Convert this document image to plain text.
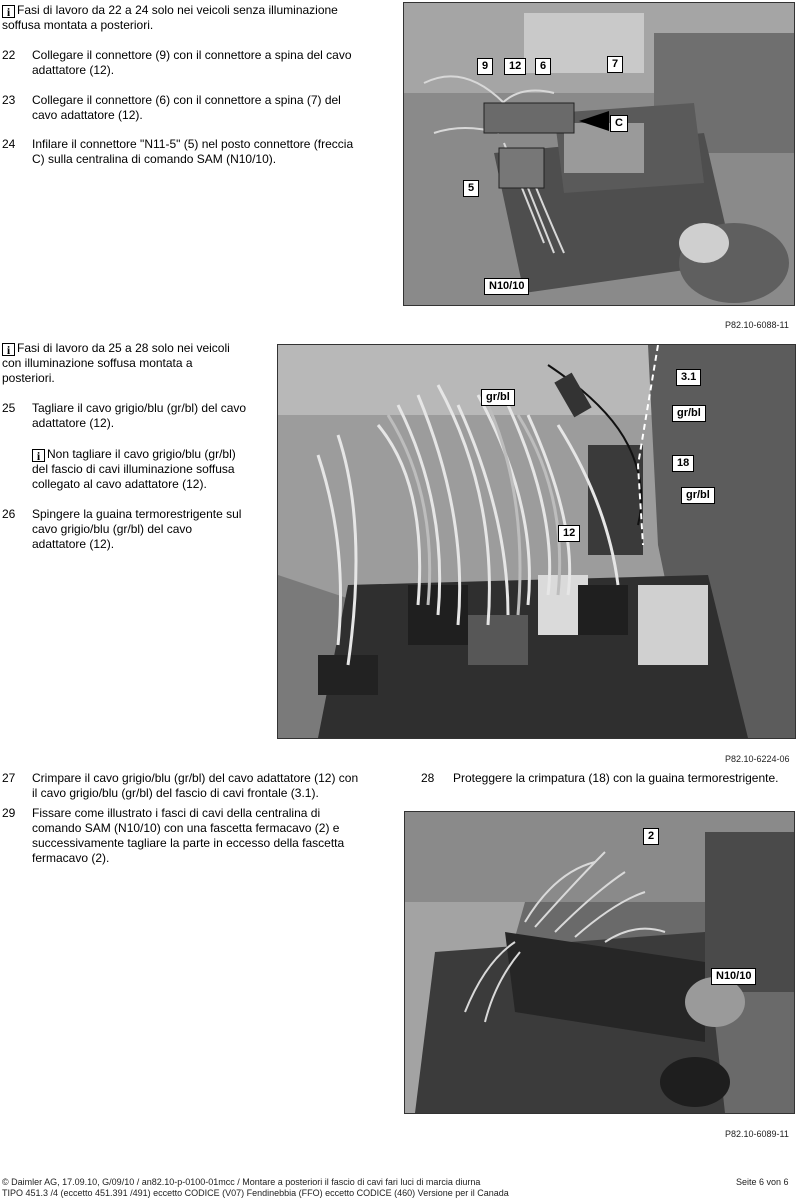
i Fasi di lavoro da 22 a 24 solo nei veicoli senza illuminazione soffusa montata a posteriori.
22	Collegare il connettore (9) con il connettore a spina del cavo adattatore (12).
23	Collegare il connettore (6) con il connettore a spina (7) del cavo adattatore (12).
24	Infilare il connettore "N11-5" (5) nel posto connettore (freccia C) sulla centralina di comando SAM (N10/10).
9	12	6	7
C
5
N10/10
P82.10-6088-11
i Fasi di lavoro da 25 a 28 solo nei veicoli con illuminazione soffusa montata a posteriori.
25	Tagliare il cavo grigio/blu (gr/bl) del cavo adattatore (12).
i Non tagliare il cavo grigio/blu (gr/bl) del fascio di cavi illuminazione soffusa collegato al cavo adattatore (12).
26	Spingere la guaina termorestrigente sul cavo grigio/blu (gr/bl) del cavo adattatore (12).
gr/bl
3.1
gr/bl
18
gr/bl
12
P82.10-6224-06
27	Crimpare il cavo grigio/blu (gr/bl) del cavo adattatore (12) con il cavo grigio/blu (gr/bl) del fascio di cavi frontale (3.1).
29	Fissare come illustrato i fasci di cavi della centralina di comando SAM (N10/10) con una fascetta fermacavo (2) e successivamente tagliare la parte in eccesso della fascetta fermacavo (2).
28	Proteggere la crimpatura (18) con la guaina termorestrigente.
2
N10/10
P82.10-6089-11
© Daimler AG, 17.09.10, G/09/10 / an82.10-p-0100-01mcc / Montare a posteriori il fascio di cavi fari luci di marcia diurna	Seite 6 von 6
TIPO 451.3 /4 (eccetto 451.391 /491) eccetto CODICE (V07) Fendinebbia (FFO) eccetto CODICE (460) Versione per il Canada
